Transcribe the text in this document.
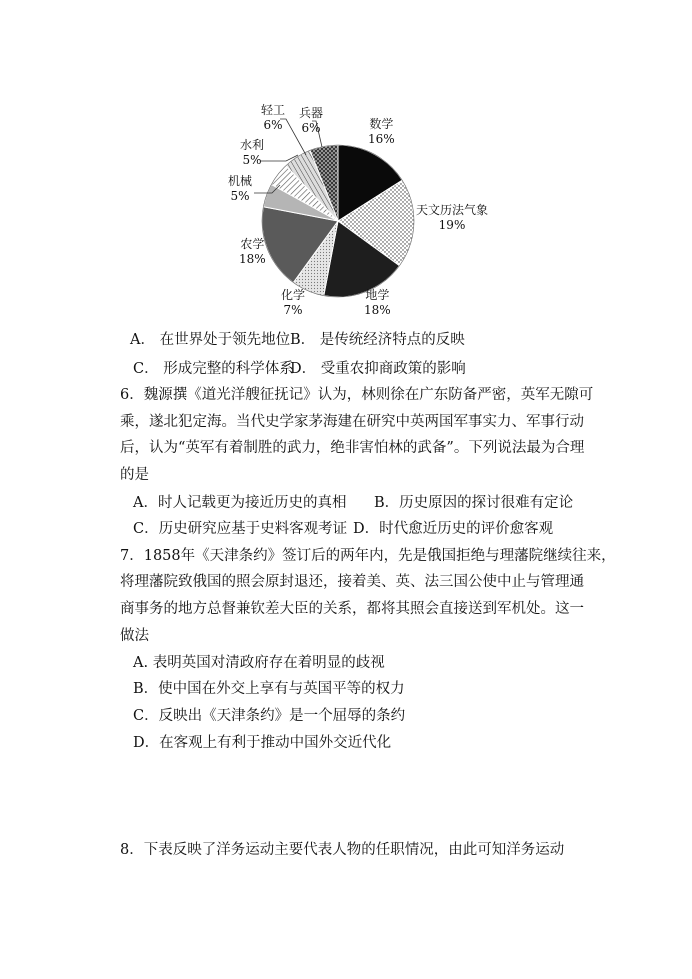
数学
16%
天文历法气象
19%
地学
18%
化学
7%
农学
18%
机械
5%
水利
5%
轻工
6%
兵器
6%
A． 在世界处于领先地位 B． 是传统经济特点的反映
C． 形成完整的科学体系
D． 受重农抑商政策的影响
6．魏源撰《道光洋艘征抚记》认为，林则徐在广东防备严密，英军无隙可
乘，遂北犯定海。当代史学家茅海建在研究中英两国军事实力、军事行动
后，认为“英军有着制胜的武力，绝非害怕林的武备”。下列说法最为合理
的是
A．时人记载更为接近历史的真相 B．历史原因的探讨很难有定论
C．历史研究应基于史料客观考证 D．时代愈近历史的评价愈客观
7．1858年《天津条约》签订后的两年内，先是俄国拒绝与理藩院继续往来，
将理藩院致俄国的照会原封退还，接着美、英、法三国公使中止与管理通
商事务的地方总督兼钦差大臣的关系，都将其照会直接送到军机处。这一
做法
A. 表明英国对清政府存在着明显的歧视
B．使中国在外交上享有与英国平等的权力
C．反映出《天津条约》是一个屈辱的条约
D．在客观上有利于推动中国外交近代化
8．下表反映了洋务运动主要代表人物的任职情况，由此可知洋务运动
